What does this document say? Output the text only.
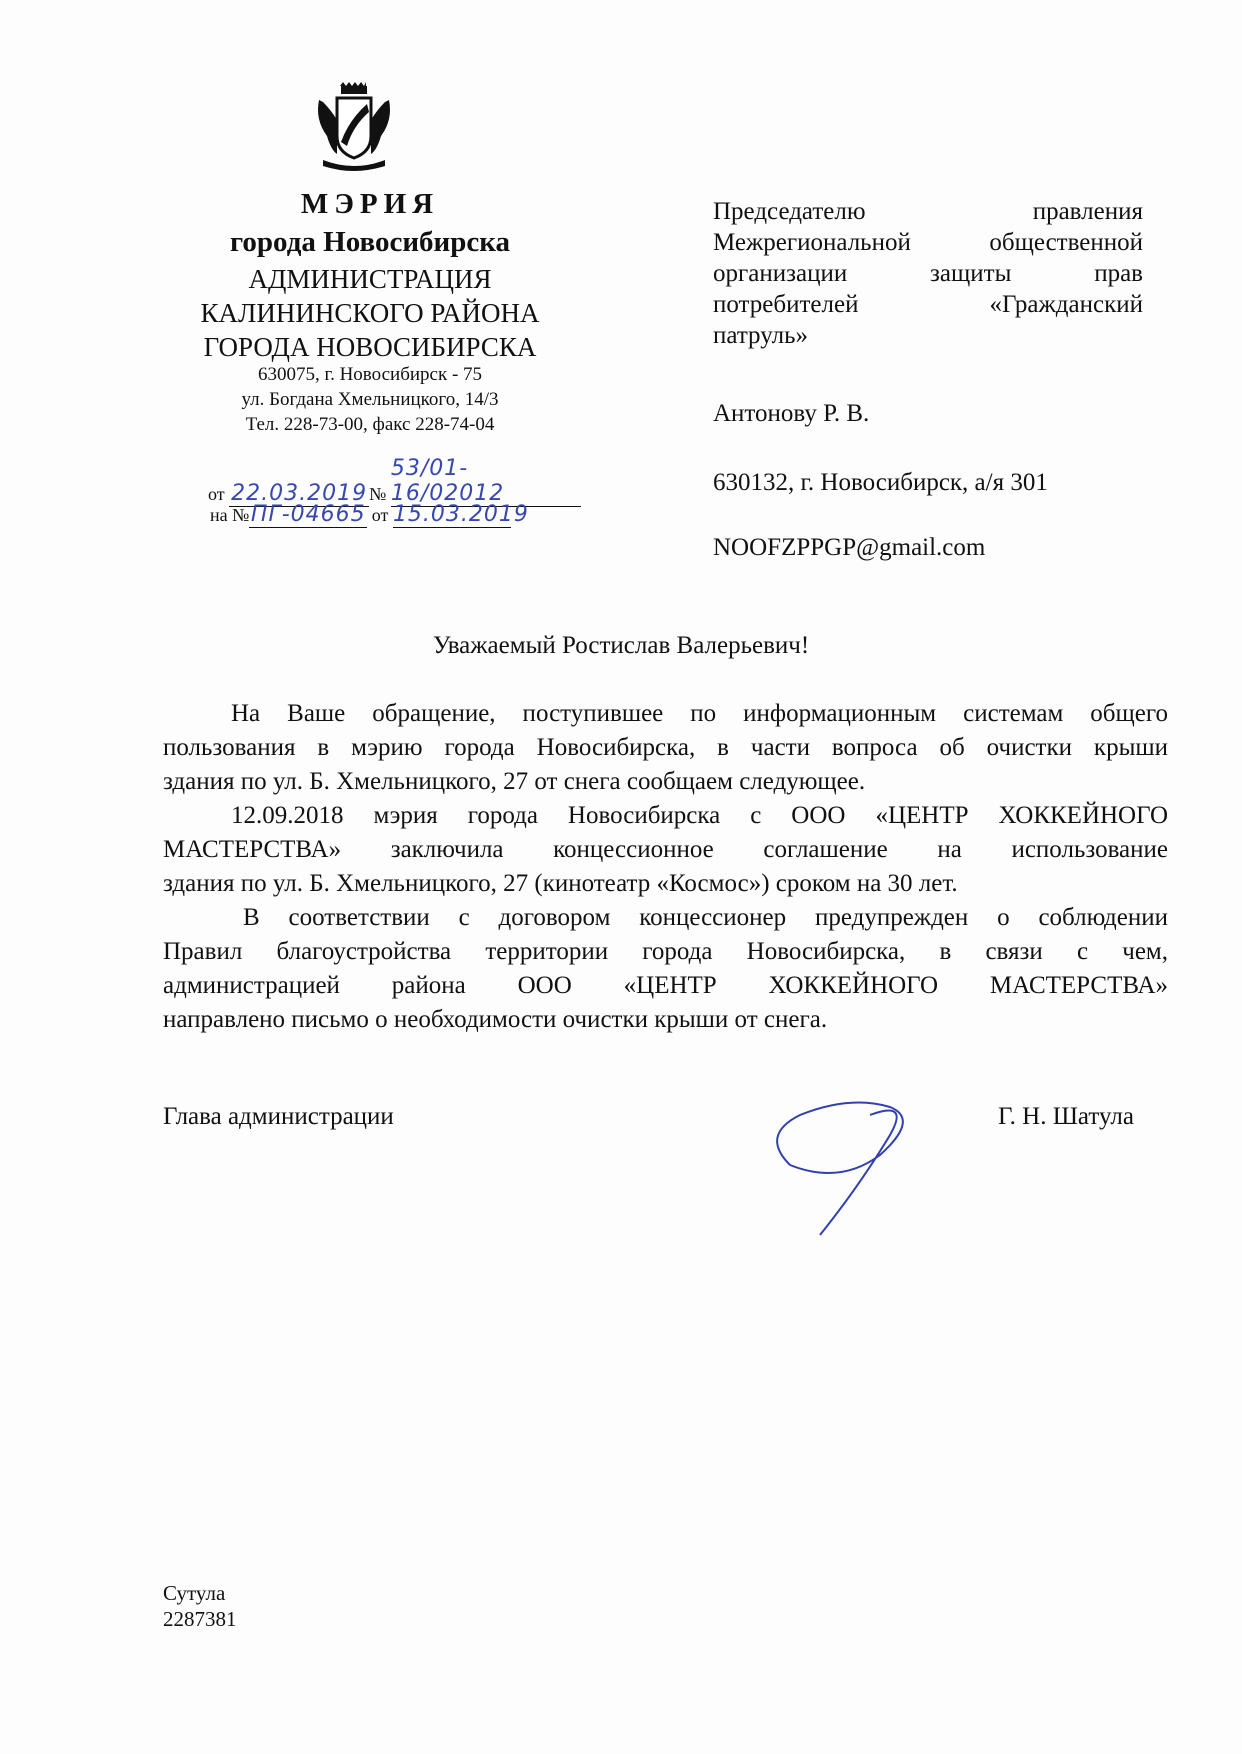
МЭРИЯ
города Новосибирска
АДМИНИСТРАЦИЯ
КАЛИНИНСКОГО РАЙОНА
ГОРОДА НОВОСИБИРСКА
630075, г. Новосибирск - 75
ул. Богдана Хмельницкого, 14/3
Тел. 228-73-00, факс 228-74-04
от 22.03.2019 № 53/01-16/02012
на №ПГ-04665 от 15.03.2019
Председателю правления
Межрегиональной общественной
организации защиты прав
потребителей «Гражданский
патруль»
Антонову Р. В.
630132, г. Новосибирск, а/я 301
NOOFZPPGP@gmail.com
Уважаемый Ростислав Валерьевич!
На Ваше обращение, поступившее по информационным системам общего
пользования в мэрию города Новосибирска, в части вопроса об очистки крыши
здания по ул. Б. Хмельницкого, 27 от снега сообщаем следующее.
12.09.2018 мэрия города Новосибирска с ООО «ЦЕНТР ХОККЕЙНОГО
МАСТЕРСТВА» заключила концессионное соглашение на использование
здания по ул. Б. Хмельницкого, 27 (кинотеатр «Космос») сроком на 30 лет.
В соответствии с договором концессионер предупрежден о соблюдении
Правил благоустройства территории города Новосибирска, в связи с чем,
администрацией района ООО «ЦЕНТР ХОККЕЙНОГО МАСТЕРСТВА»
направлено письмо о необходимости очистки крыши от снега.
Глава администрации	Г. Н. Шатула
Сутула
2287381
